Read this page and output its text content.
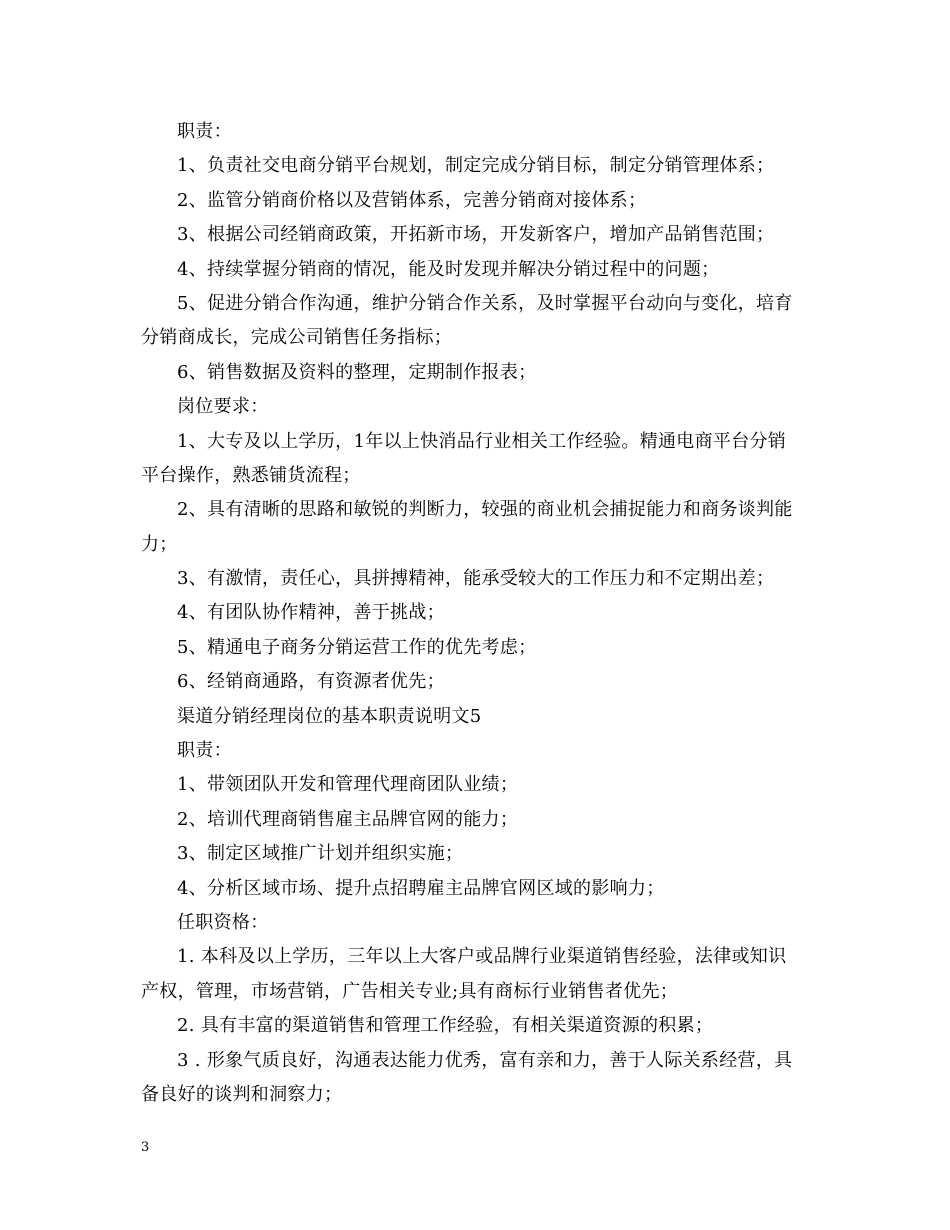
职责：
1、负责社交电商分销平台规划，制定完成分销目标，制定分销管理体系；
2、监管分销商价格以及营销体系，完善分销商对接体系；
3、根据公司经销商政策，开拓新市场，开发新客户，增加产品销售范围；
4、持续掌握分销商的情况，能及时发现并解决分销过程中的问题；
5、促进分销合作沟通，维护分销合作关系，及时掌握平台动向与变化，培育
分销商成长，完成公司销售任务指标；
6、销售数据及资料的整理，定期制作报表；
岗位要求：
1、大专及以上学历，1年以上快消品行业相关工作经验。精通电商平台分销
平台操作，熟悉铺货流程；
2、具有清晰的思路和敏锐的判断力，较强的商业机会捕捉能力和商务谈判能
力；
3、有激情，责任心，具拼搏精神，能承受较大的工作压力和不定期出差；
4、有团队协作精神，善于挑战；
5、精通电子商务分销运营工作的优先考虑；
6、经销商通路，有资源者优先；
渠道分销经理岗位的基本职责说明文5
职责：
1、带领团队开发和管理代理商团队业绩；
2、培训代理商销售雇主品牌官网的能力；
3、制定区域推广计划并组织实施；
4、分析区域市场、提升点招聘雇主品牌官网区域的影响力；
任职资格：
1. 本科及以上学历，三年以上大客户或品牌行业渠道销售经验，法律或知识
产权，管理，市场营销，广告相关专业;具有商标行业销售者优先；
2. 具有丰富的渠道销售和管理工作经验，有相关渠道资源的积累；
3 . 形象气质良好，沟通表达能力优秀，富有亲和力，善于人际关系经营，具
备良好的谈判和洞察力；
3
